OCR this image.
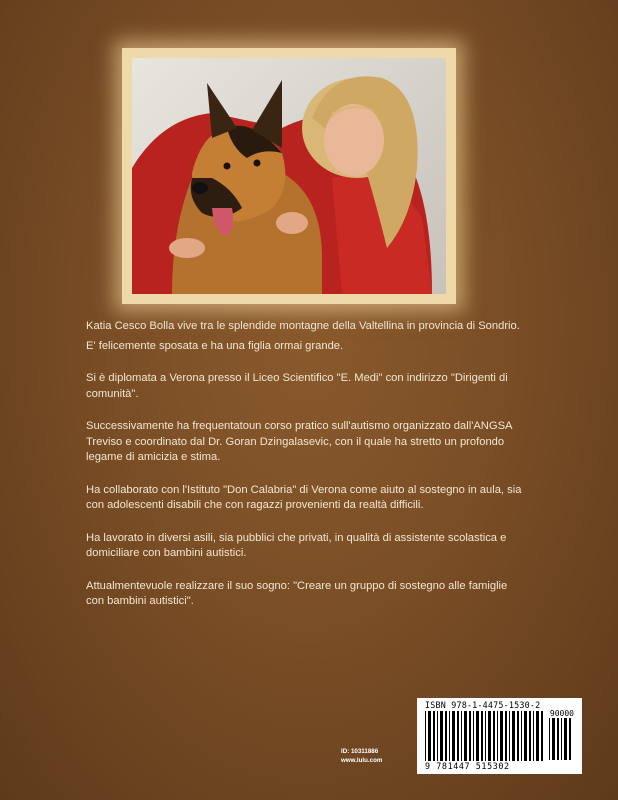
Katia Cesco Bolla vive tra le splendide montagne della Valtellina in provincia di Sondrio.

E' felicemente sposata e ha una figlia ormai grande.

Si è diplomata a Verona presso il Liceo Scientifico "E. Medi" con indirizzo "Dirigenti di comunità".

Successivamente ha frequentatoun corso pratico sull'autismo organizzato dall'ANGSA Treviso e coordinato dal Dr. Goran Dzingalasevic, con il quale ha stretto un profondo legame di amicizia e stima.

Ha collaborato con l'Istituto "Don Calabria" di Verona come aiuto al sostegno in aula, sia con adolescenti disabili che con ragazzi provenienti da realtà difficili.

Ha lavorato in diversi asili, sia pubblici che privati, in qualità di assistente scolastica e domiciliare con bambini autistici.

Attualmentevuole realizzare il suo sogno: "Creare un gruppo di sostegno alle famiglie con bambini autistici".

ID: 10311886
www.lulu.com
ISBN 978-1-4475-1530-2
90000
9 781447 515302
